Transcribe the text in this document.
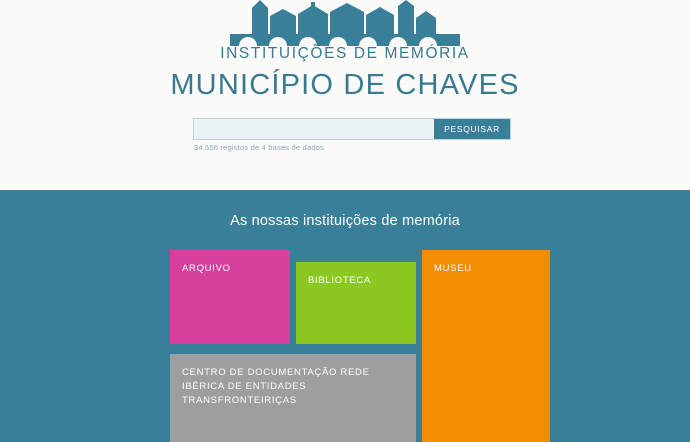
INSTITUIÇÕES DE MEMÓRIA
MUNICÍPIO DE CHAVES
PESQUISAR
34.556 registos de 4 bases de dados
As nossas instituições de memória
ARQUIVO
BIBLIOTECA
MUSEU
CENTRO DE DOCUMENTAÇÃO REDE IBÉRICA DE ENTIDADES TRANSFRONTEIRIÇAS
